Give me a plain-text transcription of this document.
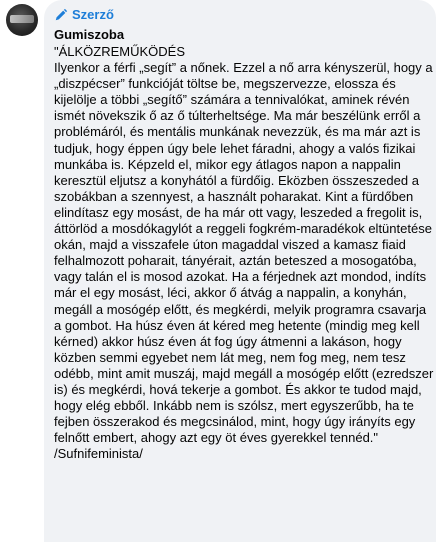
Szerző
Gumiszoba
"ÁLKÖZREMŰKÖDÉS
Ilyenkor a férfi „segít” a nőnek. Ezzel a nő arra kényszerül, hogy a „diszpécser” funkcióját töltse be, megszervezze, elossza és kijelölje a többi „segítő” számára a tennivalókat, aminek révén ismét növekszik ő az ő túlterheltsége. Ma már beszélünk erről a problémáról, és mentális munkának nevezzük, és ma már azt is tudjuk, hogy éppen úgy bele lehet fáradni, ahogy a valós fizikai munkába is. Képzeld el, mikor egy átlagos napon a nappalin keresztül eljutsz a konyhától a fürdőig. Eközben összeszeded a szobákban a szennyest, a használt poharakat. Kint a fürdőben elindítasz egy mosást, de ha már ott vagy, leszeded a fregolit is, áttörlöd a mosdókagylót a reggeli fogkrém-maradékok eltüntetése okán, majd a visszafele úton magaddal viszed a kamasz fiaid felhalmozott poharait, tányérait, aztán beteszed a mosogatóba, vagy talán el is mosod azokat. Ha a férjednek azt mondod, indíts már el egy mosást, léci, akkor ő átvág a nappalin, a konyhán, megáll a mosógép előtt, és megkérdi, melyik programra csavarja a gombot. Ha húsz éven át kéred meg hetente (mindig meg kell kérned) akkor húsz éven át fog úgy átmenni a lakáson, hogy közben semmi egyebet nem lát meg, nem fog meg, nem tesz odébb, mint amit muszáj, majd megáll a mosógép előtt (ezredszer is) és megkérdi, hová tekerje a gombot. És akkor te tudod majd, hogy elég ebből. Inkább nem is szólsz, mert egyszerűbb, ha te fejben összerakod és megcsinálod, mint, hogy úgy irányíts egy felnőtt embert, ahogy azt egy öt éves gyerekkel tennéd."
/Sufnifeminista/
